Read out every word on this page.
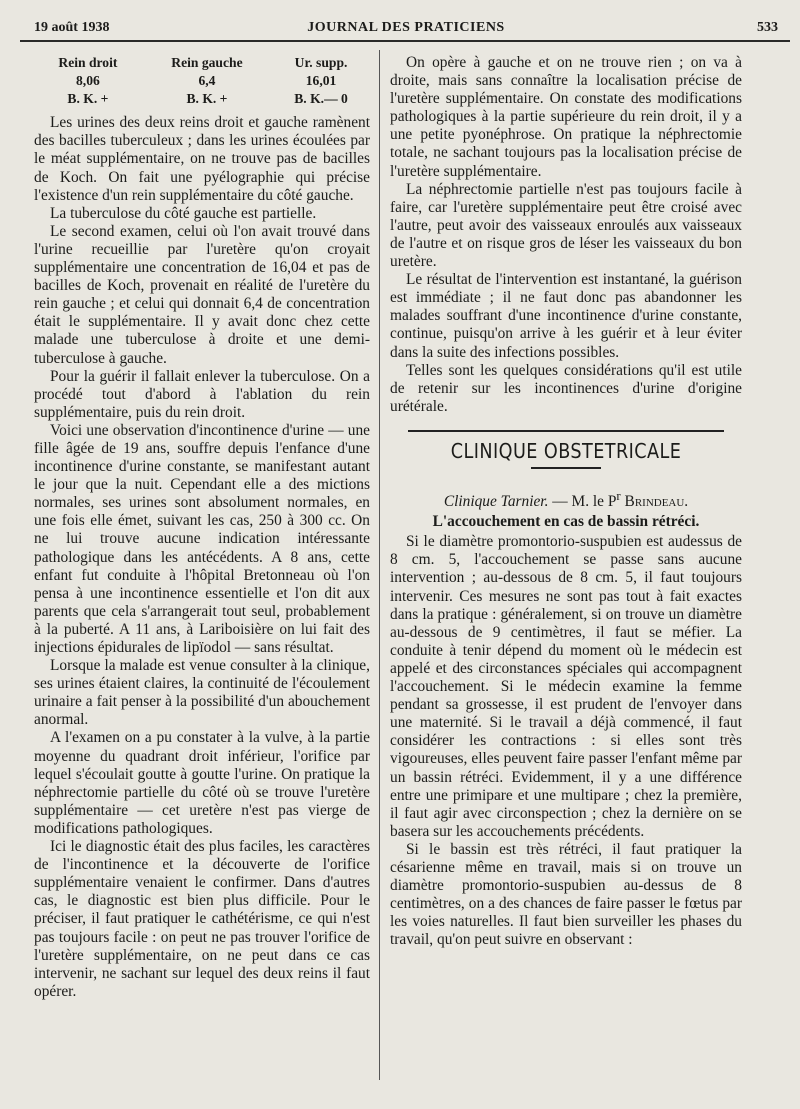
19 août 1938	JOURNAL DES PRATICIENS	533
Rein droit	Rein gauche	Ur. supp.
8,06	6,4	16,01
B. K. +	B. K. +	B. K.— 0

Les urines des deux reins droit et gauche ramènent des bacilles tuberculeux ; dans les urines écoulées par le méat supplémentaire, on ne trouve pas de bacilles de Koch. On fait une pyélographie qui précise l'existence d'un rein supplémentaire du côté gauche.

La tuberculose du côté gauche est partielle.

Le second examen, celui où l'on avait trouvé dans l'urine recueillie par l'uretère qu'on croyait supplémentaire une concentration de 16,04 et pas de bacilles de Koch, provenait en réalité de l'uretère du rein gauche ; et celui qui donnait 6,4 de concentration était le supplémentaire. Il y avait donc chez cette malade une tuberculose à droite et une demi-tuberculose à gauche.

Pour la guérir il fallait enlever la tuberculose. On a procédé tout d'abord à l'ablation du rein supplémentaire, puis du rein droit.

Voici une observation d'incontinence d'urine — une fille âgée de 19 ans, souffre depuis l'enfance d'une incontinence d'urine constante, se manifestant autant le jour que la nuit. Cependant elle a des mictions normales, ses urines sont absolument normales, en une fois elle émet, suivant les cas, 250 à 300 cc. On ne lui trouve aucune indication intéressante pathologique dans les antécédents. A 8 ans, cette enfant fut conduite à l'hôpital Bretonneau où l'on pensa à une incontinence essentielle et l'on dit aux parents que cela s'arrangerait tout seul, probablement à la puberté. A 11 ans, à Lariboisière on lui fait des injections épidurales de lipïodol — sans résultat.

Lorsque la malade est venue consulter à la clinique, ses urines étaient claires, la continuité de l'écoulement urinaire a fait penser à la possibilité d'un abouchement anormal.

A l'examen on a pu constater à la vulve, à la partie moyenne du quadrant droit inférieur, l'orifice par lequel s'écoulait goutte à goutte l'urine. On pratique la néphrectomie partielle du côté où se trouve l'uretère supplémentaire — cet uretère n'est pas vierge de modifications pathologiques.

Ici le diagnostic était des plus faciles, les caractères de l'incontinence et la découverte de l'orifice supplémentaire venaient le confirmer. Dans d'autres cas, le diagnostic est bien plus difficile. Pour le préciser, il faut pratiquer le cathétérisme, ce qui n'est pas toujours facile : on peut ne pas trouver l'orifice de l'uretère supplémentaire, on ne peut dans ce cas intervenir, ne sachant sur lequel des deux reins il faut opérer.

On opère à gauche et on ne trouve rien ; on va à droite, mais sans connaître la localisation précise de l'uretère supplémentaire. On constate des modifications pathologiques à la partie supérieure du rein droit, il y a une petite pyonéphrose. On pratique la néphrectomie totale, ne sachant toujours pas la localisation précise de l'uretère supplémentaire.

La néphrectomie partielle n'est pas toujours facile à faire, car l'uretère supplémentaire peut être croisé avec l'autre, peut avoir des vaisseaux enroulés aux vaisseaux de l'autre et on risque gros de léser les vaisseaux du bon uretère.

Le résultat de l'intervention est instantané, la guérison est immédiate ; il ne faut donc pas abandonner les malades souffrant d'une incontinence d'urine constante, continue, puisqu'on arrive à les guérir et à leur éviter dans la suite des infections possibles.

Telles sont les quelques considérations qu'il est utile de retenir sur les incontinences d'urine d'origine urétérale.

CLINIQUE OBSTETRICALE
Clinique Tarnier. — M. le $P^r$ Brindeau.
L'accouchement en cas de bassin rétréci.

Si le diamètre promontorio-suspubien est audessus de 8 cm. 5, l'accouchement se passe sans aucune intervention ; au-dessous de 8 cm. 5, il faut toujours intervenir. Ces mesures ne sont pas tout à fait exactes dans la pratique : généralement, si on trouve un diamètre au-dessous de 9 centimètres, il faut se méfier. La conduite à tenir dépend du moment où le médecin est appelé et des circonstances spéciales qui accompagnent l'accouchement. Si le médecin examine la femme pendant sa grossesse, il est prudent de l'envoyer dans une maternité. Si le travail a déjà commencé, il faut considérer les contractions : si elles sont très vigoureuses, elles peuvent faire passer l'enfant même par un bassin rétréci. Evidemment, il y a une différence entre une primipare et une multipare ; chez la première, il faut agir avec circonspection ; chez la dernière on se basera sur les accouchements précédents.

Si le bassin est très rétréci, il faut pratiquer la césarienne même en travail, mais si on trouve un diamètre promontorio-suspubien au-dessus de 8 centimètres, on a des chances de faire passer le fœtus par les voies naturelles. Il faut bien surveiller les phases du travail, qu'on peut suivre en observant :
